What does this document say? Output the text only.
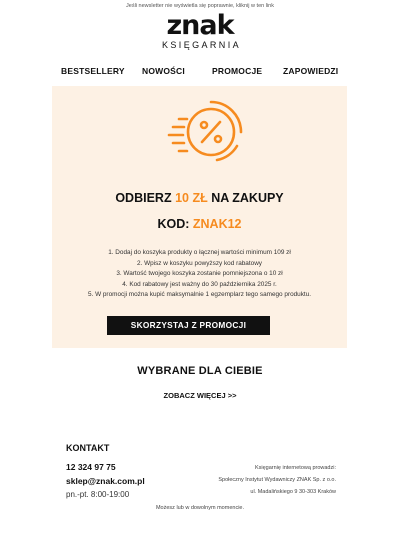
Jeśli newsletter nie wyświetla się poprawnie, kliknij w ten link
znak
KSIĘGARNIA
BESTSELLERY NOWOŚCI	PROMOCJE ZAPOWIEDZI
ODBIERZ 10 ZŁ NA ZAKUPY
KOD: ZNAK12
1. Dodaj do koszyka produkty o łącznej wartości minimum 109 zł
2. Wpisz w koszyku powyższy kod rabatowy
3. Wartość twojego koszyka zostanie pomniejszona o 10 zł
4. Kod rabatowy jest ważny do 30 października 2025 r.
5. W promocji można kupić maksymalnie 1 egzemplarz tego samego produktu.
SKORZYSTAJ Z PROMOCJI
WYBRANE DLA CIEBIE
ZOBACZ WIĘCEJ >>
KONTAKT
12 324 97 75
sklep@znak.com.pl
pn.-pt. 8:00-19:00
Księgarnię internetową prowadzi:
Społeczny Instytut Wydawniczy ZNAK Sp. z o.o.
ul. Madalińskiego 9 30-303 Kraków
Możesz lub w dowolnym momencie.
